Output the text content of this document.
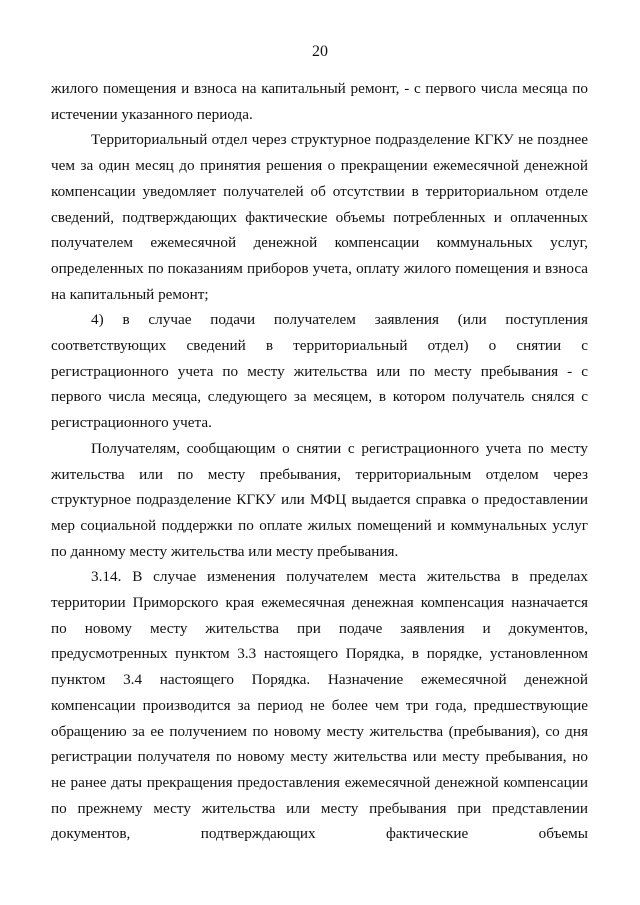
20

жилого помещения и взноса на капитальный ремонт, - с первого числа месяца по истечении указанного периода.

Территориальный отдел через структурное подразделение КГКУ не позднее чем за один месяц до принятия решения о прекращении ежемесячной денежной компенсации уведомляет получателей об отсутствии в территориальном отделе сведений, подтверждающих фактические объемы потребленных и оплаченных получателем ежемесячной денежной компенсации коммунальных услуг, определенных по показаниям приборов учета, оплату жилого помещения и взноса на капитальный ремонт;

4) в случае подачи получателем заявления (или поступления соответствующих сведений в территориальный отдел) о снятии с регистрационного учета по месту жительства или по месту пребывания - с первого числа месяца, следующего за месяцем, в котором получатель снялся с регистрационного учета.

Получателям, сообщающим о снятии с регистрационного учета по месту жительства или по месту пребывания, территориальным отделом через структурное подразделение КГКУ или МФЦ выдается справка о предоставлении мер социальной поддержки по оплате жилых помещений и коммунальных услуг по данному месту жительства или месту пребывания.

3.14. В случае изменения получателем места жительства в пределах территории Приморского края ежемесячная денежная компенсация назначается по новому месту жительства при подаче заявления и документов, предусмотренных пунктом 3.3 настоящего Порядка, в порядке, установленном пунктом 3.4 настоящего Порядка. Назначение ежемесячной денежной компенсации производится за период не более чем три года, предшествующие обращению за ее получением по новому месту жительства (пребывания), со дня регистрации получателя по новому месту жительства или месту пребывания, но не ранее даты прекращения предоставления ежемесячной денежной компенсации по прежнему месту жительства или месту пребывания при представлении документов, подтверждающих фактические объемы
